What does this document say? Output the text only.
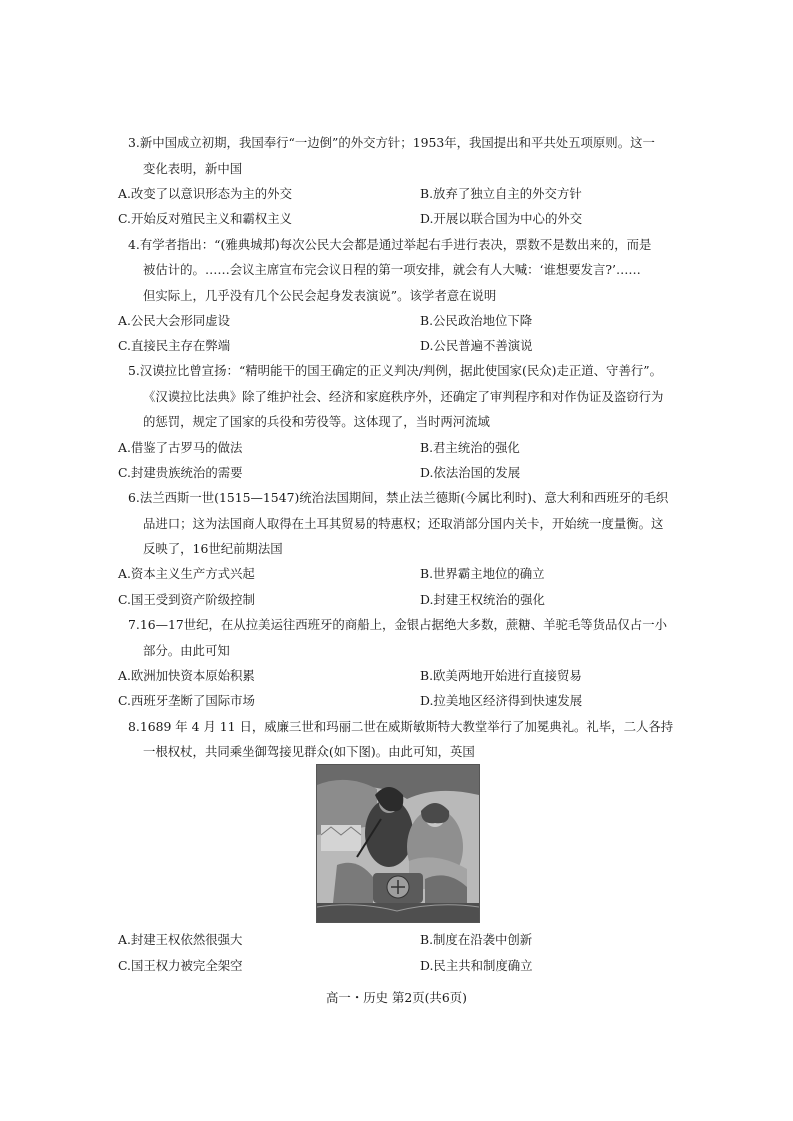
3.新中国成立初期，我国奉行“一边倒”的外交方针；1953年，我国提出和平共处五项原则。这一
变化表明，新中国
A.改变了以意识形态为主的外交	B.放弃了独立自主的外交方针
C.开始反对殖民主义和霸权主义	D.开展以联合国为中心的外交
4.有学者指出：“(雅典城邦)每次公民大会都是通过举起右手进行表决，票数不是数出来的，而是
被估计的。……会议主席宣布完会议日程的第一项安排，就会有人大喊：‘谁想要发言?’……
但实际上，几乎没有几个公民会起身发表演说”。该学者意在说明
A.公民大会形同虚设	B.公民政治地位下降
C.直接民主存在弊端	D.公民普遍不善演说
5.汉谟拉比曾宣扬：“精明能干的国王确定的正义判决/判例，据此使国家(民众)走正道、守善行”。
《汉谟拉比法典》除了维护社会、经济和家庭秩序外，还确定了审判程序和对作伪证及盗窃行为
的惩罚，规定了国家的兵役和劳役等。这体现了，当时两河流域
A.借鉴了古罗马的做法	B.君主统治的强化
C.封建贵族统治的需要	D.依法治国的发展
6.法兰西斯一世(1515—1547)统治法国期间，禁止法兰德斯(今属比利时)、意大利和西班牙的毛织
品进口；这为法国商人取得在土耳其贸易的特惠权；还取消部分国内关卡，开始统一度量衡。这
反映了，16世纪前期法国
A.资本主义生产方式兴起	B.世界霸主地位的确立
C.国王受到资产阶级控制	D.封建王权统治的强化
7.16—17世纪，在从拉美运往西班牙的商船上，金银占据绝大多数，蔗糖、羊驼毛等货品仅占一小
部分。由此可知
A.欧洲加快资本原始积累	B.欧美两地开始进行直接贸易
C.西班牙垄断了国际市场	D.拉美地区经济得到快速发展
8.1689 年 4 月 11 日，威廉三世和玛丽二世在威斯敏斯特大教堂举行了加冕典礼。礼毕，二人各持
一根权杖，共同乘坐御驾接见群众(如下图)。由此可知，英国
A.封建王权依然很强大	B.制度在沿袭中创新
C.国王权力被完全架空	D.民主共和制度确立
高一・历史 第2页(共6页)
